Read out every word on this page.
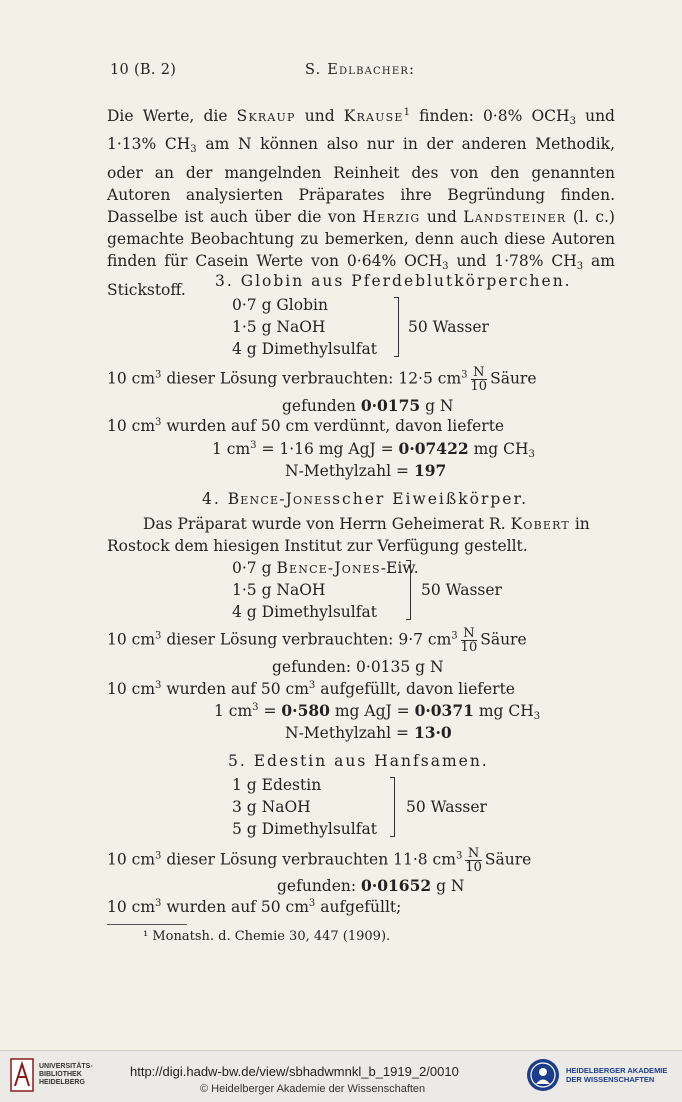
10 (B. 2)	S. Edlbacher:
Die Werte, die Skraup und Krause$^1$ finden: 0·8% $OCH_3$ und 1·13% $CH_3$ am N können also nur in der anderen Methodik, oder an der mangelnden Reinheit des von den genannten Autoren analysierten Präparates ihre Begründung finden. Dasselbe ist auch über die von Herzig und Landsteiner (l. c.) gemachte Beobachtung zu bemerken, denn auch diese Autoren finden für Casein Werte von 0·64% $OCH_3$ und 1·78% $CH_3$ am Stickstoff.	3. Globin aus Pferdeblutkörperchen.
0·7 g Globin
1·5 g NaOH
4 g Dimethylsulfat
50 Wasser
10 $cm^3$ dieser Lösung verbrauchten: 12·5 $cm^3 \frac{N}{10}$ Säure
gefunden 0·0175 g N
10 $cm^3$ wurden auf 50 cm verdünnt, davon lieferte
1 $cm^3 = 1\cdot 16$ mg AgJ = 0·07422 mg $CH_3$
N-Methylzahl = 197
4. Bence-Jonesscher Eiweißkörper.
Das Präparat wurde von Herrn Geheimerat R. Kobert in
Rostock dem hiesigen Institut zur Verfügung gestellt.
0·7 g Bence-Jones-Eiw.
1·5 g NaOH
4 g Dimethylsulfat
50 Wasser
10 $cm^3$ dieser Lösung verbrauchten: 9·7 $cm^3 \frac{N}{10}$ Säure
gefunden: 0·0135 g N
10 $cm^3$ wurden auf 50 $cm^3$ aufgefüllt, davon lieferte
1 $cm^3 = 0\cdot 580$ mg AgJ = 0·0371 mg $CH_3$
N-Methylzahl = 13·0
5. Edestin aus Hanfsamen.
1 g Edestin
3 g NaOH
5 g Dimethylsulfat
50 Wasser
10 $cm^3$ dieser Lösung verbrauchten 11·8 $cm^3 \frac{N}{10}$ Säure
gefunden: 0·01652 g N
10 $cm^3$ wurden auf 50 $cm^3$ aufgefüllt;
¹ Monatsh. d. Chemie 30, 447 (1909).
UNIVERSITÄTS-
BIBLIOTHEK
HEIDELBERG
http://digi.hadw-bw.de/view/sbhadwmnkl_b_1919_2/0010
© Heidelberger Akademie der Wissenschaften
HEIDELBERGER AKADEMIE
DER WISSENSCHAFTEN
